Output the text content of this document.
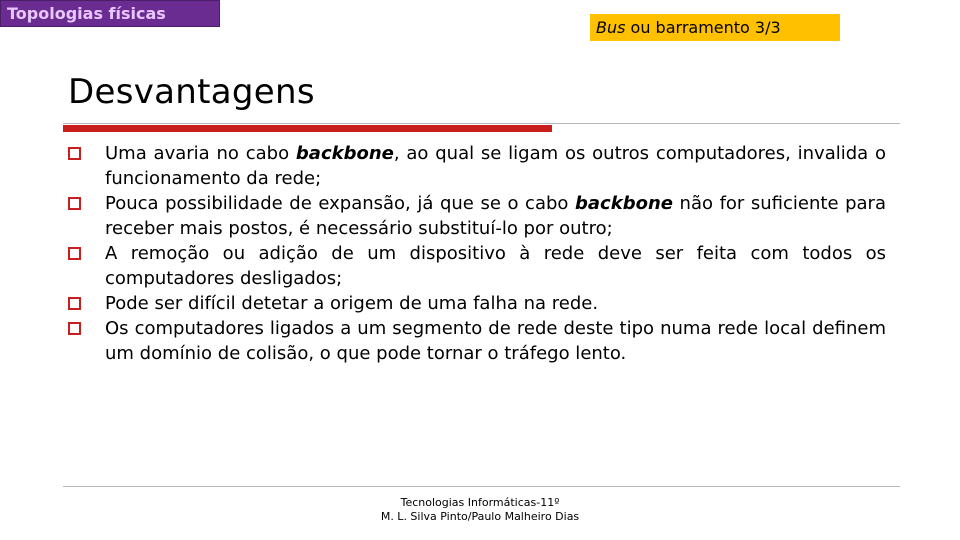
Topologias físicas
Bus ou barramento 3/3
Desvantagens
Uma avaria no cabo backbone, ao qual se ligam os outros computadores, invalida o funcionamento da rede;
Pouca possibilidade de expansão, já que se o cabo backbone não for suficiente para receber mais postos, é necessário substituí-lo por outro;
A remoção ou adição de um dispositivo à rede deve ser feita com todos os computadores desligados;
Pode ser difícil detetar a origem de uma falha na rede.
Os computadores ligados a um segmento de rede deste tipo numa rede local definem um domínio de colisão, o que pode tornar o tráfego lento.
Tecnologias Informáticas-11º
M. L. Silva Pinto/Paulo Malheiro Dias
